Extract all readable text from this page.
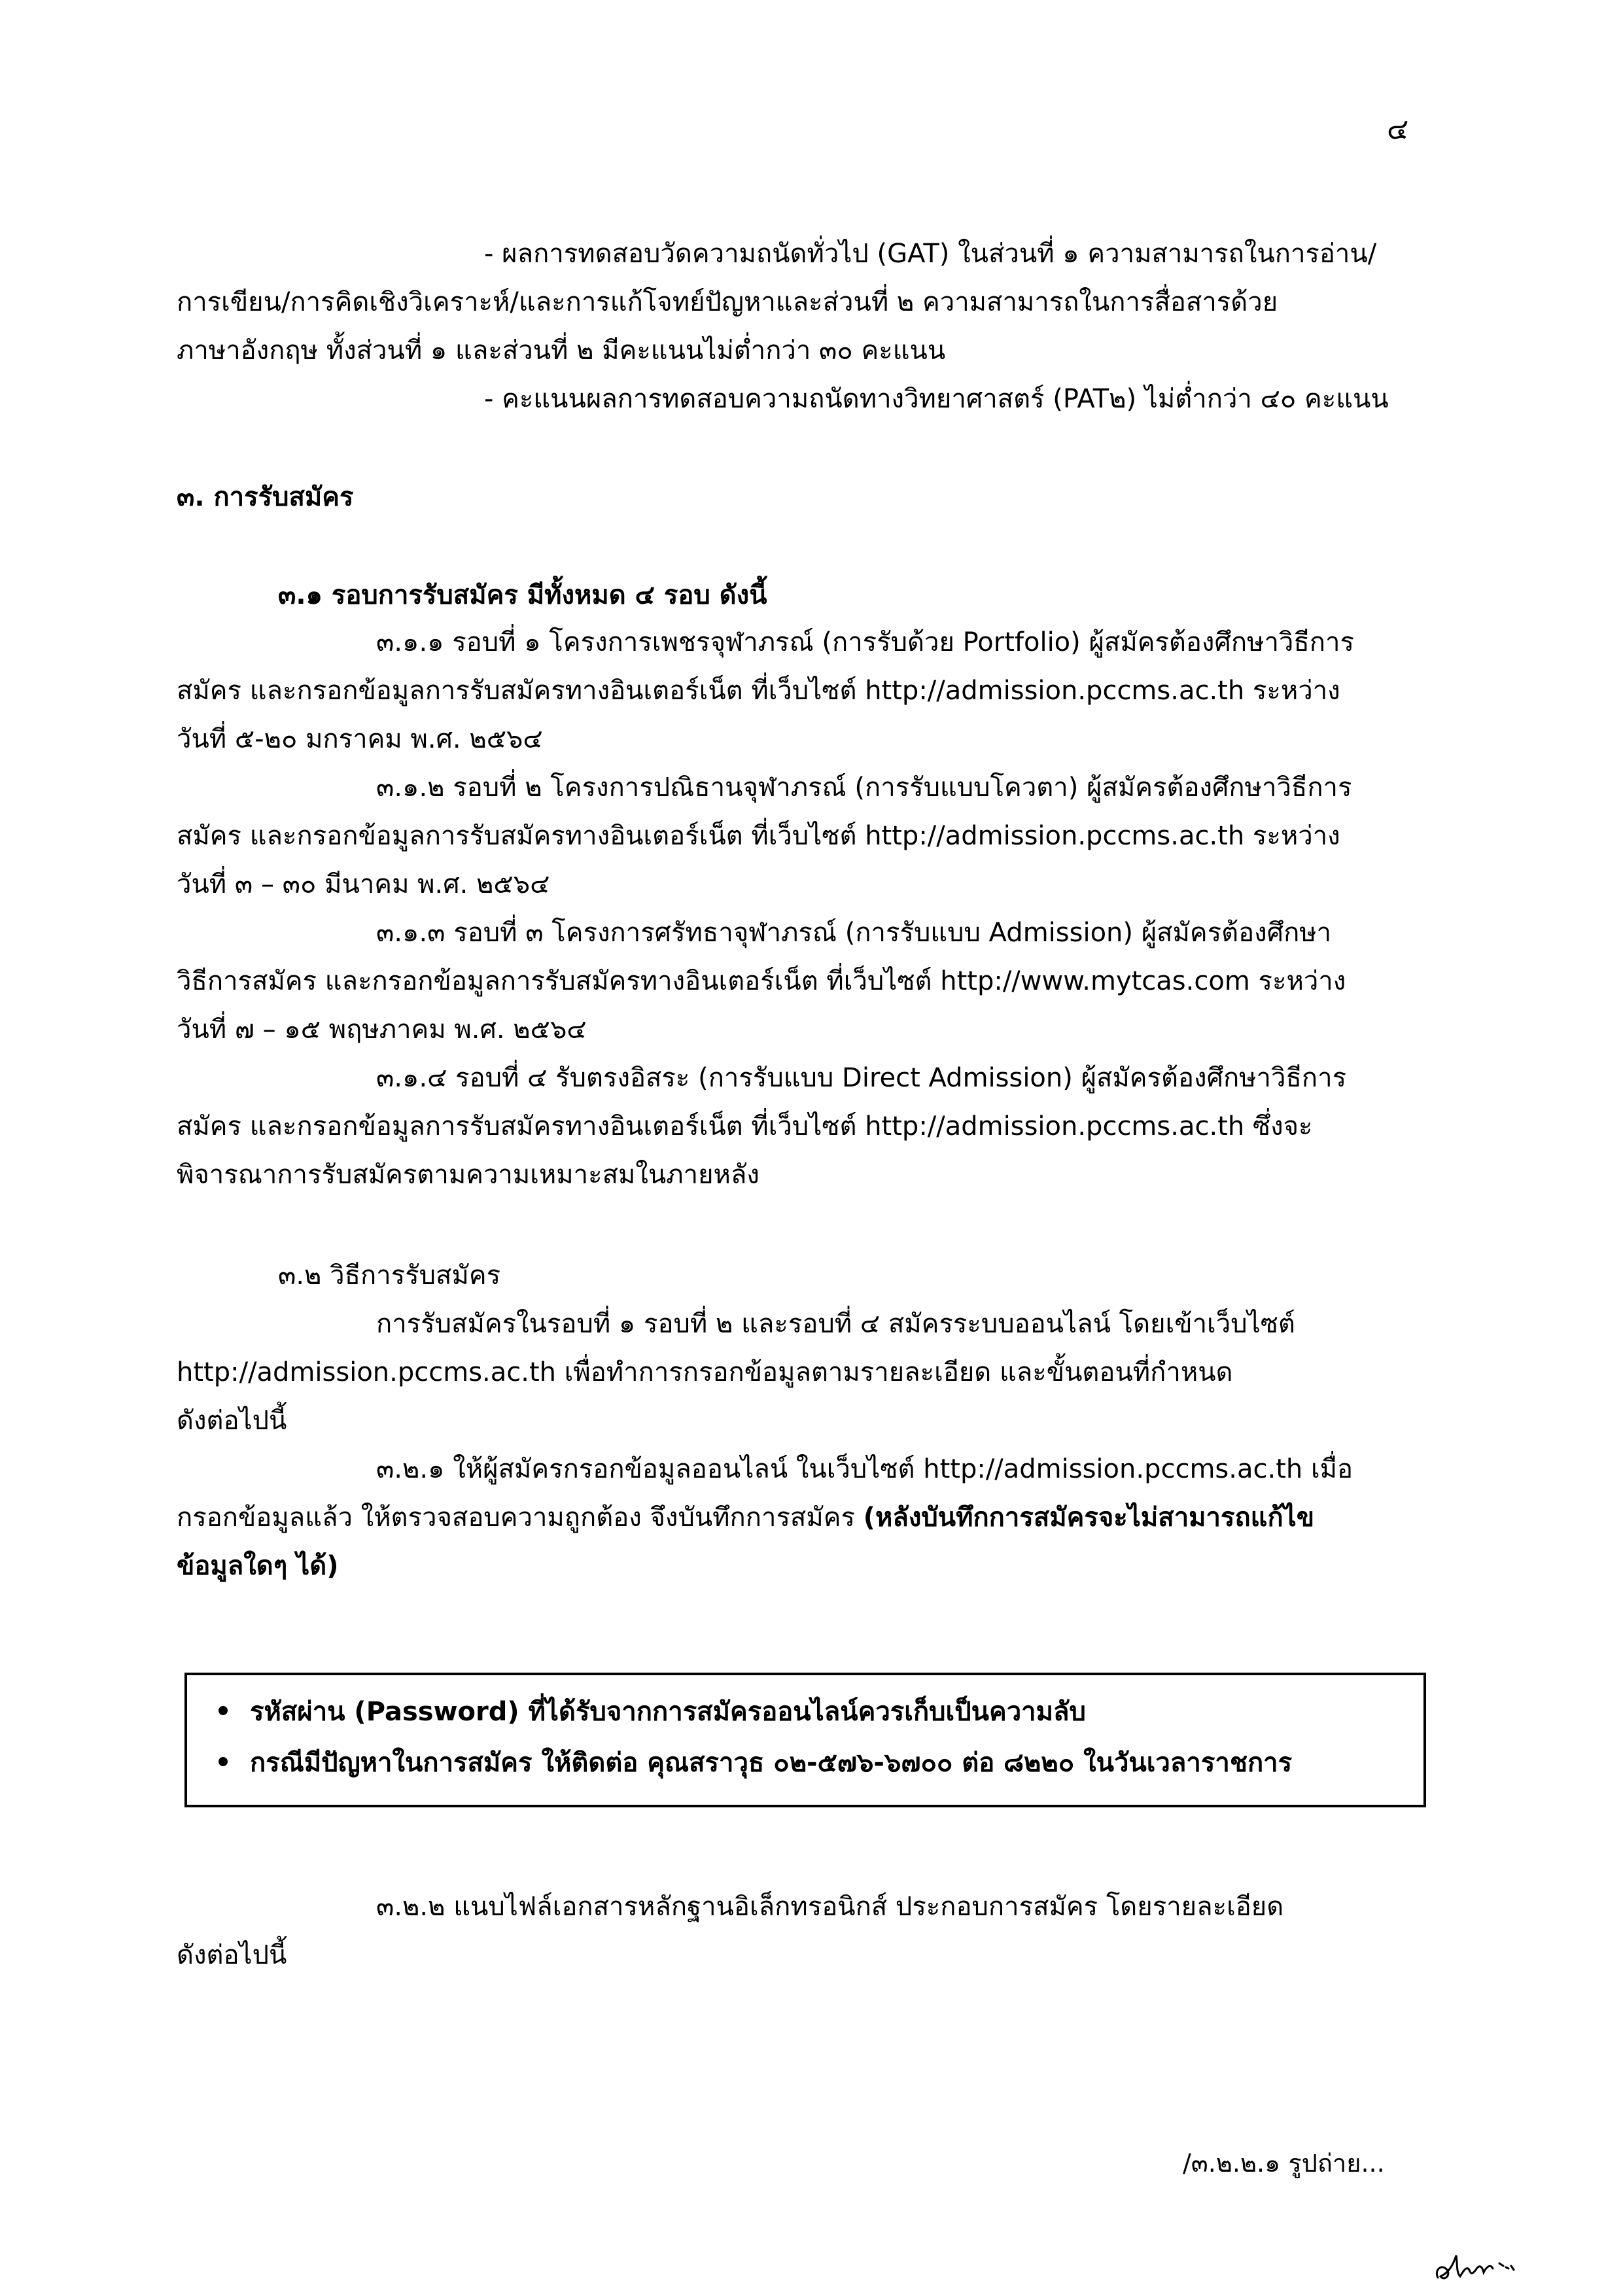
๔
- ผลการทดสอบวัดความถนัดทั่วไป (GAT) ในส่วนที่ ๑ ความสามารถในการอ่าน/
การเขียน/การคิดเชิงวิเคราะห์/และการแก้โจทย์ปัญหาและส่วนที่ ๒ ความสามารถในการสื่อสารด้วย
ภาษาอังกฤษ ทั้งส่วนที่ ๑ และส่วนที่ ๒ มีคะแนนไม่ต่ำกว่า ๓๐ คะแนน
- คะแนนผลการทดสอบความถนัดทางวิทยาศาสตร์ (PAT๒) ไม่ต่ำกว่า ๔๐ คะแนน
๓. การรับสมัคร
๓.๑ รอบการรับสมัคร มีทั้งหมด ๔ รอบ ดังนี้
๓.๑.๑ รอบที่ ๑ โครงการเพชรจุฬาภรณ์ (การรับด้วย Portfolio) ผู้สมัครต้องศึกษาวิธีการ
สมัคร และกรอกข้อมูลการรับสมัครทางอินเตอร์เน็ต ที่เว็บไซต์ http://admission.pccms.ac.th ระหว่าง
วันที่ ๕-๒๐ มกราคม พ.ศ. ๒๕๖๔
๓.๑.๒ รอบที่ ๒ โครงการปณิธานจุฬาภรณ์ (การรับแบบโควตา) ผู้สมัครต้องศึกษาวิธีการ
สมัคร และกรอกข้อมูลการรับสมัครทางอินเตอร์เน็ต ที่เว็บไซต์ http://admission.pccms.ac.th ระหว่าง
วันที่ ๓ – ๓๐ มีนาคม พ.ศ. ๒๕๖๔
๓.๑.๓ รอบที่ ๓ โครงการศรัทธาจุฬาภรณ์ (การรับแบบ Admission) ผู้สมัครต้องศึกษา
วิธีการสมัคร และกรอกข้อมูลการรับสมัครทางอินเตอร์เน็ต ที่เว็บไซต์ http://www.mytcas.com ระหว่าง
วันที่ ๗ – ๑๕ พฤษภาคม พ.ศ. ๒๕๖๔
๓.๑.๔ รอบที่ ๔ รับตรงอิสระ (การรับแบบ Direct Admission) ผู้สมัครต้องศึกษาวิธีการ
สมัคร และกรอกข้อมูลการรับสมัครทางอินเตอร์เน็ต ที่เว็บไซต์ http://admission.pccms.ac.th ซึ่งจะ
พิจารณาการรับสมัครตามความเหมาะสมในภายหลัง
๓.๒ วิธีการรับสมัคร
การรับสมัครในรอบที่ ๑ รอบที่ ๒ และรอบที่ ๔ สมัครระบบออนไลน์ โดยเข้าเว็บไซต์
http://admission.pccms.ac.th เพื่อทำการกรอกข้อมูลตามรายละเอียด และขั้นตอนที่กำหนด
ดังต่อไปนี้
๓.๒.๑ ให้ผู้สมัครกรอกข้อมูลออนไลน์ ในเว็บไซต์ http://admission.pccms.ac.th เมื่อ
กรอกข้อมูลแล้ว ให้ตรวจสอบความถูกต้อง จึงบันทึกการสมัคร (หลังบันทึกการสมัครจะไม่สามารถแก้ไข
ข้อมูลใดๆ ได้)
รหัสผ่าน (Password) ที่ได้รับจากการสมัครออนไลน์ควรเก็บเป็นความลับ
กรณีมีปัญหาในการสมัคร ให้ติดต่อ คุณสราวุธ ๐๒-๕๗๖-๖๗๐๐ ต่อ ๘๒๒๐ ในวันเวลาราชการ
๓.๒.๒ แนบไฟล์เอกสารหลักฐานอิเล็กทรอนิกส์ ประกอบการสมัคร โดยรายละเอียด
ดังต่อไปนี้
/๓.๒.๒.๑ รูปถ่าย...
